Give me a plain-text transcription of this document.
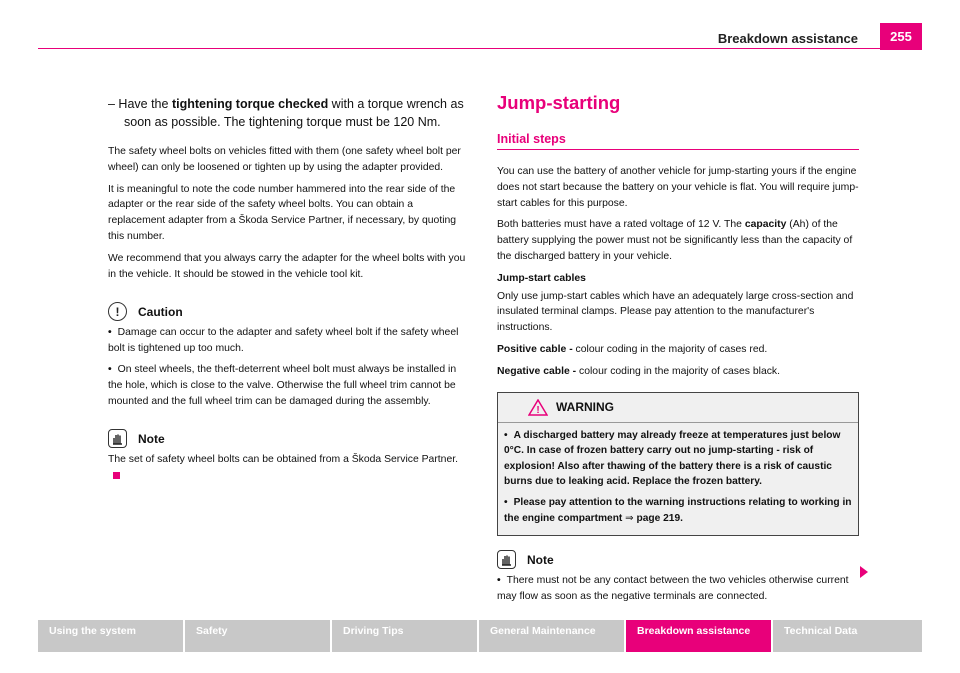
Breakdown assistance	255
– Have the tightening torque checked with a torque wrench as soon as possible. The tightening torque must be 120 Nm.

The safety wheel bolts on vehicles fitted with them (one safety wheel bolt per wheel) can only be loosened or tighten up by using the adapter provided.

It is meaningful to note the code number hammered into the rear side of the adapter or the rear side of the safety wheel bolts. You can obtain a replacement adapter from a Škoda Service Partner, if necessary, by quoting this number.

We recommend that you always carry the adapter for the wheel bolts with you in the vehicle. It should be stowed in the vehicle tool kit.

! Caution
• Damage can occur to the adapter and safety wheel bolt if the safety wheel bolt is tightened up too much.
• On steel wheels, the theft-deterrent wheel bolt must always be installed in the hole, which is close to the valve. Otherwise the full wheel trim cannot be mounted and the full wheel trim can be damaged during the assembly.
Note

The set of safety wheel bolts can be obtained from a Škoda Service Partner.

Jump-starting
Initial steps

You can use the battery of another vehicle for jump-starting yours if the engine does not start because the battery on your vehicle is flat. You will require jump-start cables for this purpose.

Both batteries must have a rated voltage of 12 V. The capacity (Ah) of the battery supplying the power must not be significantly less than the capacity of the discharged battery in your vehicle.

Jump-start cables

Only use jump-start cables which have an adequately large cross-section and insulated terminal clamps. Please pay attention to the manufacturer's instructions.

Positive cable - colour coding in the majority of cases red.

Negative cable - colour coding in the majority of cases black.

! WARNING
• A discharged battery may already freeze at temperatures just below 0°C. In case of frozen battery carry out no jump-starting - risk of explosion! Also after thawing of the battery there is a risk of caustic burns due to leaking acid. Replace the frozen battery.
• Please pay attention to the warning instructions relating to working in the engine compartment ⇒ page 219.
Note
• There must not be any contact between the two vehicles otherwise current may flow as soon as the negative terminals are connected.
Using the system	Safety	Driving Tips	General Maintenance	Breakdown assistance	Technical Data
